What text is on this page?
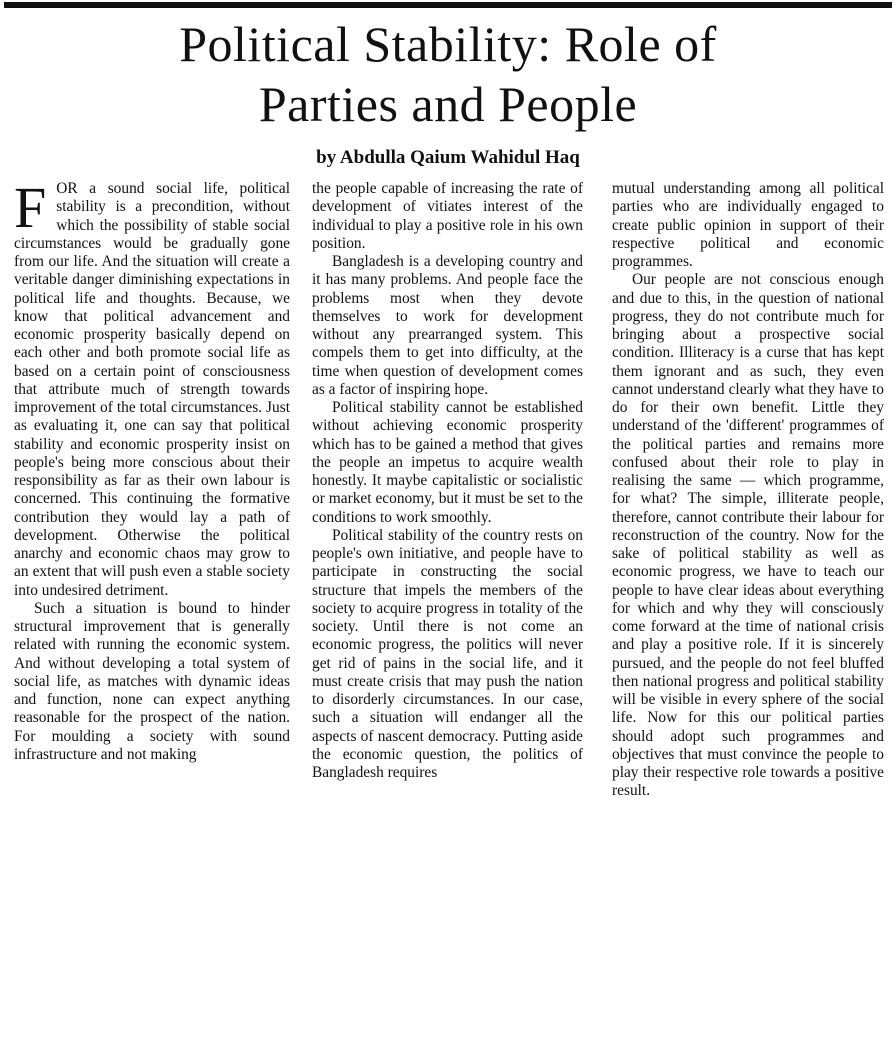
Political Stability: Role of
Parties and People
by Abdulla Qaium Wahidul Haq

FOR a sound social life, political stability is a precondition, without which the possibility of stable social circumstances would be gradually gone from our life. And the situation will create a veritable danger diminishing expectations in political life and thoughts. Because, we know that political advancement and economic prosperity basically depend on each other and both promote social life as based on a certain point of consciousness that attribute much of strength towards improvement of the total circumstances. Just as evaluating it, one can say that political stability and economic prosperity insist on people's being more conscious about their responsibility as far as their own labour is concerned. This continuing the formative contribution they would lay a path of development. Otherwise the political anarchy and economic chaos may grow to an extent that will push even a stable society into undesired detriment.

Such a situation is bound to hinder structural improvement that is generally related with running the economic system. And without developing a total system of social life, as matches with dynamic ideas and function, none can expect anything reasonable for the prospect of the nation. For moulding a society with sound infrastructure and not making

the people capable of increasing the rate of development of vitiates interest of the individual to play a positive role in his own position.

Bangladesh is a developing country and it has many problems. And people face the problems most when they devote themselves to work for development without any prearranged system. This compels them to get into difficulty, at the time when question of development comes as a factor of inspiring hope.

Political stability cannot be established without achieving economic prosperity which has to be gained a method that gives the people an impetus to acquire wealth honestly. It maybe capitalistic or socialistic or market economy, but it must be set to the conditions to work smoothly.

Political stability of the country rests on people's own initiative, and people have to participate in constructing the social structure that impels the members of the society to acquire progress in totality of the society. Until there is not come an economic progress, the politics will never get rid of pains in the social life, and it must create crisis that may push the nation to disorderly circumstances. In our case, such a situation will endanger all the aspects of nascent democracy. Putting aside the economic question, the politics of Bangladesh requires

mutual understanding among all political parties who are individually engaged to create public opinion in support of their respective political and economic programmes.

Our people are not conscious enough and due to this, in the question of national progress, they do not contribute much for bringing about a prospective social condition. Illiteracy is a curse that has kept them ignorant and as such, they even cannot understand clearly what they have to do for their own benefit. Little they understand of the 'different' programmes of the political parties and remains more confused about their role to play in realising the same — which programme, for what? The simple, illiterate people, therefore, cannot contribute their labour for reconstruction of the country. Now for the sake of political stability as well as economic progress, we have to teach our people to have clear ideas about everything for which and why they will consciously come forward at the time of national crisis and play a positive role. If it is sincerely pursued, and the people do not feel bluffed then national progress and political stability will be visible in every sphere of the social life. Now for this our political parties should adopt such programmes and objectives that must convince the people to play their respective role towards a positive result.
